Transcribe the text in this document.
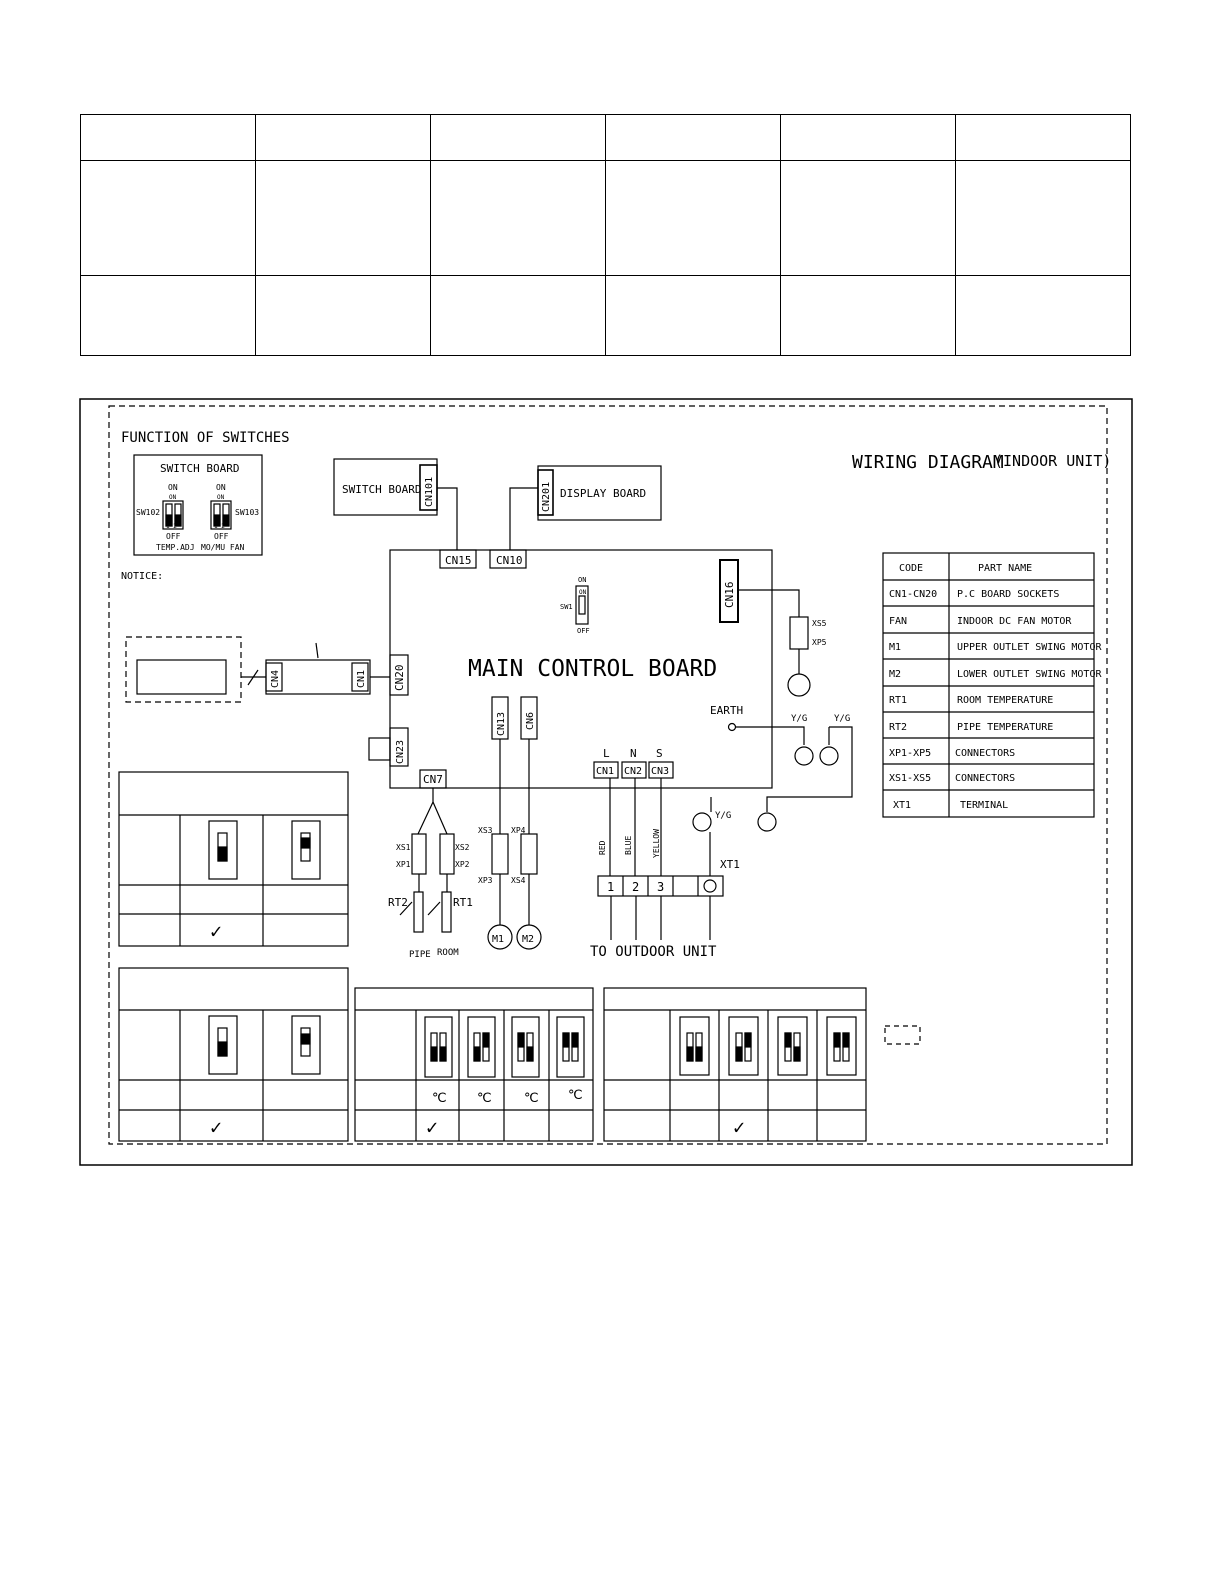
FUNCTION OF SWITCHES
WIRING DIAGRAM
(INDOOR UNIT)
NOTICE:
SWITCH BOARD
ON	ON
ON	ON
SW102	SW103
1 2	1 2
OFF	OFF
TEMP.ADJ MO/MU FAN
SWITCH BOARD	DISPLAY BOARD
MAIN CONTROL BOARD
EARTH
ON
ON
SW1
OFF
CN101	CN201
CN15 CN10
CN16
CN4	CN1 CN20
CN23
CN7
CN13 CN6
CN1 CN2 CN3
L N S
RED BLUE YELLOW
Y/G	Y/G
Y/G
XS1
XP1
XS2
XP2
XS3
XP3
XP4
XS4
XS5
XP5
RT2	RT1
PIPE ROOM
M1 M2
XT1
1 2 3
TO OUTDOOR UNIT
CODE	PART NAME
CN1-CN20 P.C BOARD SOCKETS
FAN	INDOOR DC FAN MOTOR
M1	UPPER OUTLET SWING MOTOR
M2	LOWER OUTLET SWING MOTOR
RT1	ROOM TEMPERATURE
RT2	PIPE TEMPERATURE
XP1-XP5 CONNECTORS
XS1-XS5 CONNECTORS
XT1	TERMINAL
℃ ℃ ℃ ℃
✓
✓	✓	✓
